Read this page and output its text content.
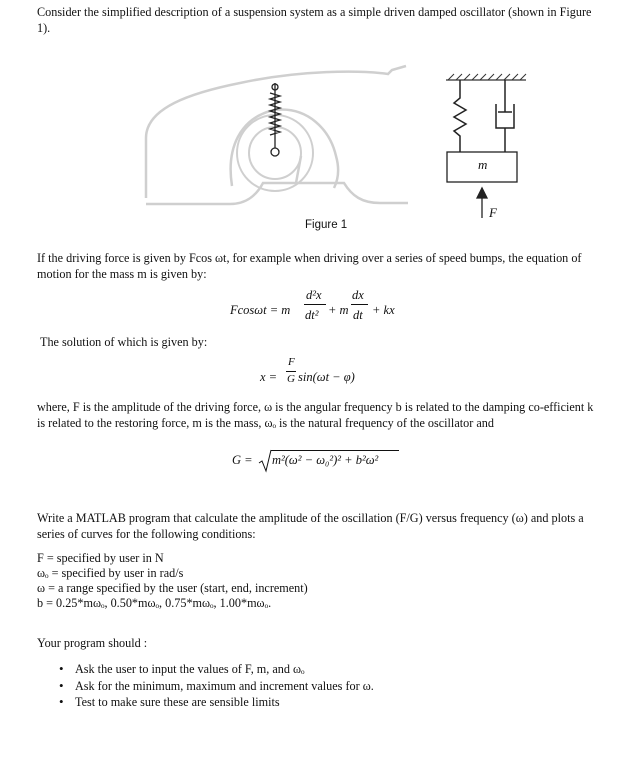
Consider the simplified description of a suspension system as a simple driven damped oscillator (shown in Figure 1).
m
F
Figure 1
If the driving force is given by Fcos ωt, for example when driving over a series of speed bumps, the equation of motion for the mass m is given by:
Fcosωt = m
d²x
dt² + m
dx
dt + kx
The solution of which is given by:
x =
F
G sin(ωt − φ)
where, F is the amplitude of the driving force, ω is the angular frequency b is related to the damping co-efficient k is related to the restoring force, m is the mass, ωₒ is the natural frequency of the oscillator and
G = m²(ω² − ω₀²)² + b²ω²
Write a MATLAB program that calculate the amplitude of the oscillation (F/G) versus frequency (ω) and plots a series of curves for the following conditions:
F = specified by user in N
ωₒ = specified by user in rad/s
ω = a range specified by the user (start, end, increment)
b = 0.25*mωₒ, 0.50*mωₒ, 0.75*mωₒ, 1.00*mωₒ.
Your program should :
• Ask the user to input the values of F, m, and ωₒ
• Ask for the minimum, maximum and increment values for ω.
• Test to make sure these are sensible limits
